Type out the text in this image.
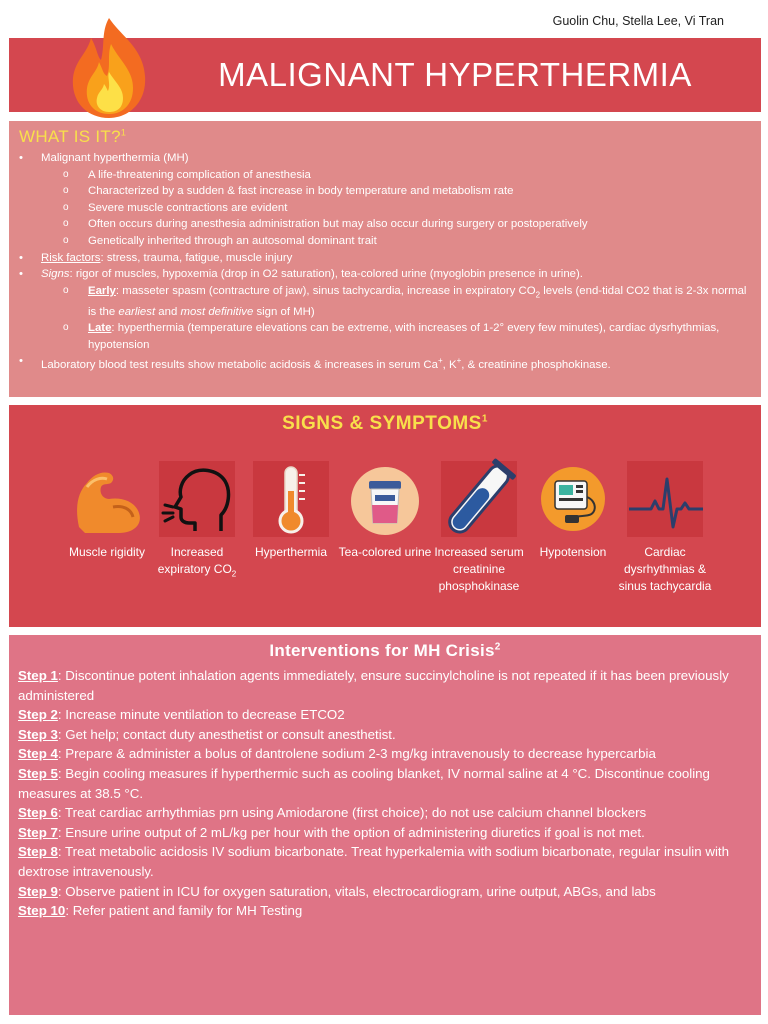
Guolin Chu, Stella Lee, Vi Tran
MALIGNANT HYPERTHERMIA
WHAT IS IT?$^1$
• Malignant hyperthermia (MH)
o A life-threatening complication of anesthesia
o Characterized by a sudden & fast increase in body temperature and metabolism rate
o Severe muscle contractions are evident
o Often occurs during anesthesia administration but may also occur during surgery or postoperatively
o Genetically inherited through an autosomal dominant trait
• Risk factors: stress, trauma, fatigue, muscle injury
• Signs: rigor of muscles, hypoxemia (drop in O2 saturation), tea-colored urine (myoglobin presence in urine).
o Early: masseter spasm (contracture of jaw), sinus tachycardia, increase in expiratory $CO_2$ levels (end-tidal CO2 that is 2-3x normal is the earliest and most definitive sign of MH)
o Late: hyperthermia (temperature elevations can be extreme, with increases of 1-2° every few minutes), cardiac dysrhythmias, hypotension
• Laboratory blood test results show metabolic acidosis & increases in serum Ca+, K+, & creatinine phosphokinase.
SIGNS & SYMPTOMS$^1$
Muscle rigidity	Increased expiratory $CO_2$
Hyperthermia Tea-colored urine Increased serum creatinine phosphokinase
Hypotension	Cardiac dysrhythmias & sinus tachycardia
Interventions for MH Crisis$^2$
Step 1: Discontinue potent inhalation agents immediately, ensure succinylcholine is not repeated if it has been previously administered
Step 2: Increase minute ventilation to decrease ETCO2
Step 3: Get help; contact duty anesthetist or consult anesthetist.
Step 4: Prepare & administer a bolus of dantrolene sodium 2-3 mg/kg intravenously to decrease hypercarbia
Step 5: Begin cooling measures if hyperthermic such as cooling blanket, IV normal saline at 4 °C. Discontinue cooling measures at 38.5 °C.
Step 6: Treat cardiac arrhythmias prn using Amiodarone (first choice); do not use calcium channel blockers
Step 7: Ensure urine output of 2 mL/kg per hour with the option of administering diuretics if goal is not met.
Step 8: Treat metabolic acidosis IV sodium bicarbonate. Treat hyperkalemia with sodium bicarbonate, regular insulin with dextrose intravenously.
Step 9: Observe patient in ICU for oxygen saturation, vitals, electrocardiogram, urine output, ABGs, and labs
Step 10: Refer patient and family for MH Testing
